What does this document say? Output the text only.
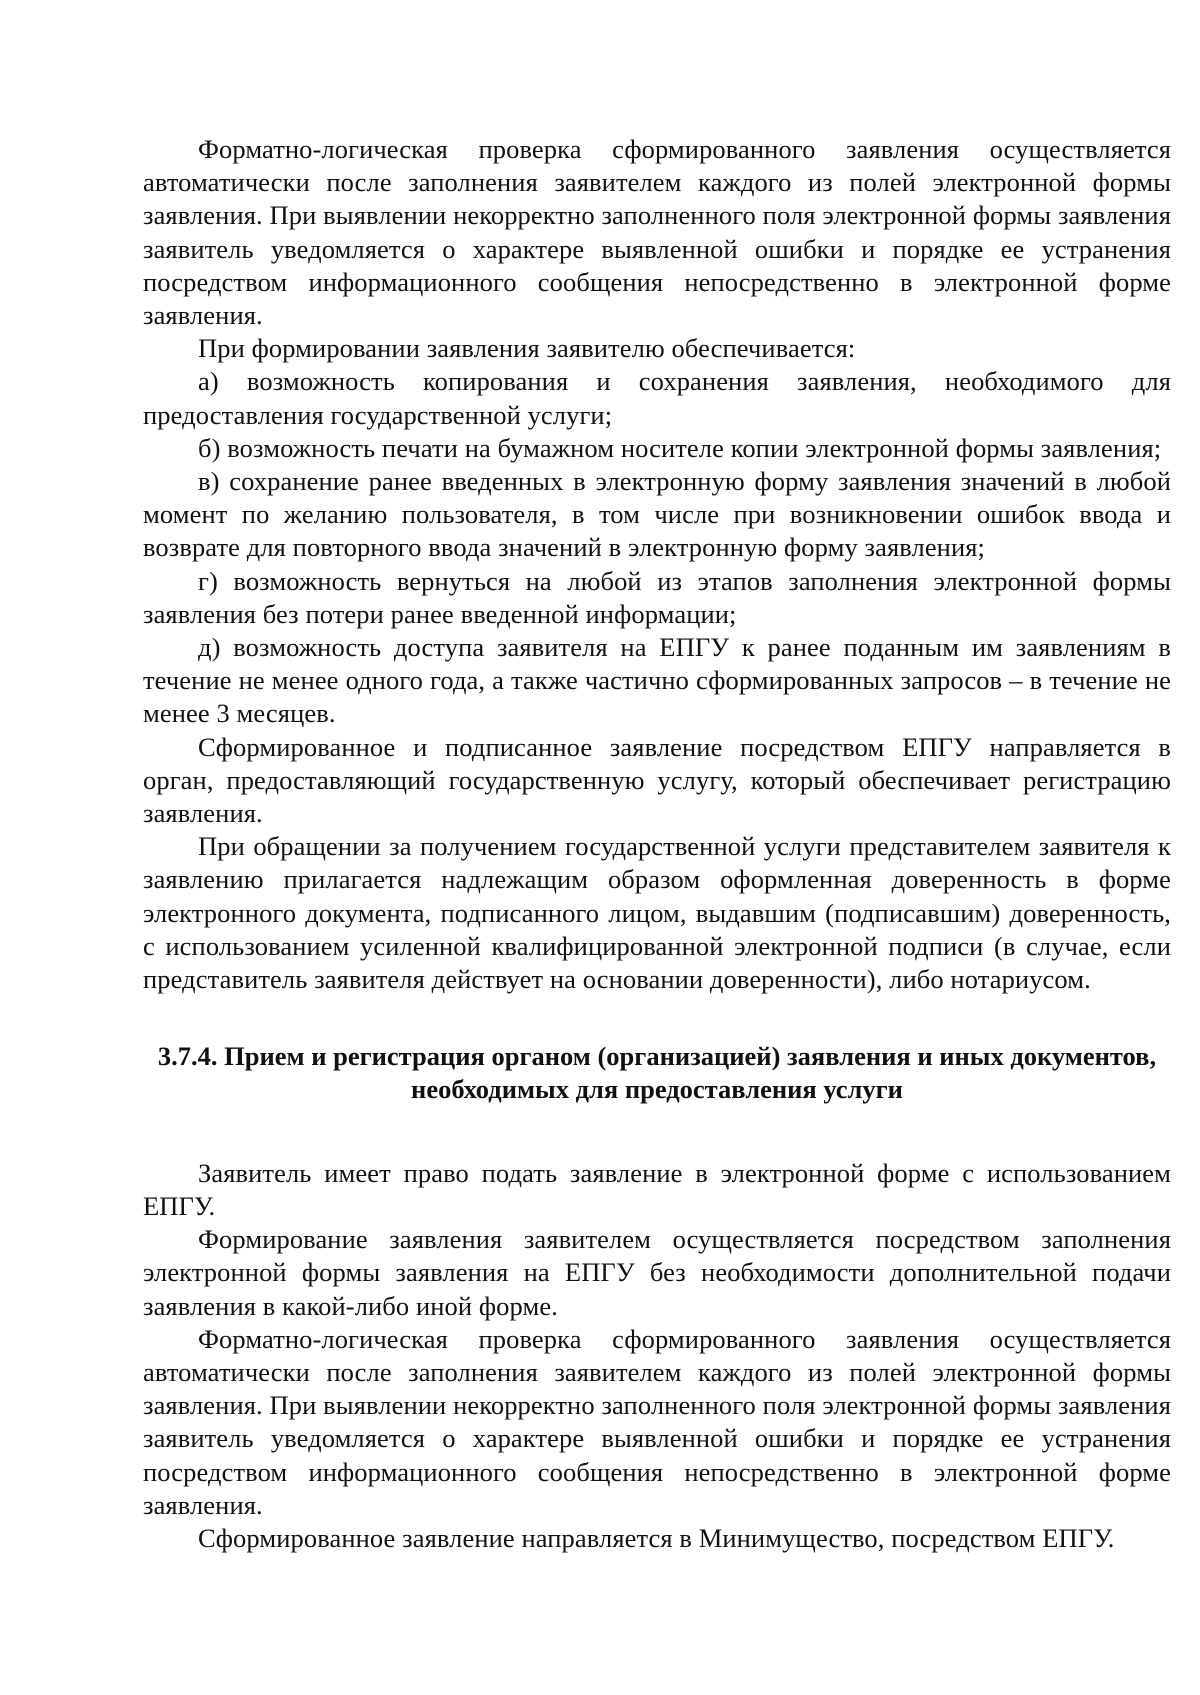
Форматно-логическая проверка сформированного заявления осуществляется автоматически после заполнения заявителем каждого из полей электронной формы заявления. При выявлении некорректно заполненного поля электронной формы заявления заявитель уведомляется о характере выявленной ошибки и порядке ее устранения посредством информационного сообщения непосредственно в электронной форме заявления.

При формировании заявления заявителю обеспечивается:

а) возможность копирования и сохранения заявления, необходимого для предоставления государственной услуги;

б) возможность печати на бумажном носителе копии электронной формы заявления;

в) сохранение ранее введенных в электронную форму заявления значений в любой момент по желанию пользователя, в том числе при возникновении ошибок ввода и возврате для повторного ввода значений в электронную форму заявления;

г) возможность вернуться на любой из этапов заполнения электронной формы заявления без потери ранее введенной информации;

д) возможность доступа заявителя на ЕПГУ к ранее поданным им заявлениям в течение не менее одного года, а также частично сформированных запросов – в течение не менее 3 месяцев.

Сформированное и подписанное заявление посредством ЕПГУ направляется в орган, предоставляющий государственную услугу, который обеспечивает регистрацию заявления.

При обращении за получением государственной услуги представителем заявителя к заявлению прилагается надлежащим образом оформленная доверенность в форме электронного документа, подписанного лицом, выдавшим (подписавшим) доверенность, с использованием усиленной квалифицированной электронной подписи (в случае, если представитель заявителя действует на основании доверенности), либо нотариусом.

3.7.4. Прием и регистрация органом (организацией) заявления и иных документов, необходимых для предоставления услуги

Заявитель имеет право подать заявление в электронной форме с использованием ЕПГУ.

Формирование заявления заявителем осуществляется посредством заполнения электронной формы заявления на ЕПГУ без необходимости дополнительной подачи заявления в какой-либо иной форме.

Форматно-логическая проверка сформированного заявления осуществляется автоматически после заполнения заявителем каждого из полей электронной формы заявления. При выявлении некорректно заполненного поля электронной формы заявления заявитель уведомляется о характере выявленной ошибки и порядке ее устранения посредством информационного сообщения непосредственно в электронной форме заявления.

Сформированное заявление направляется в Минимущество, посредством ЕПГУ.
